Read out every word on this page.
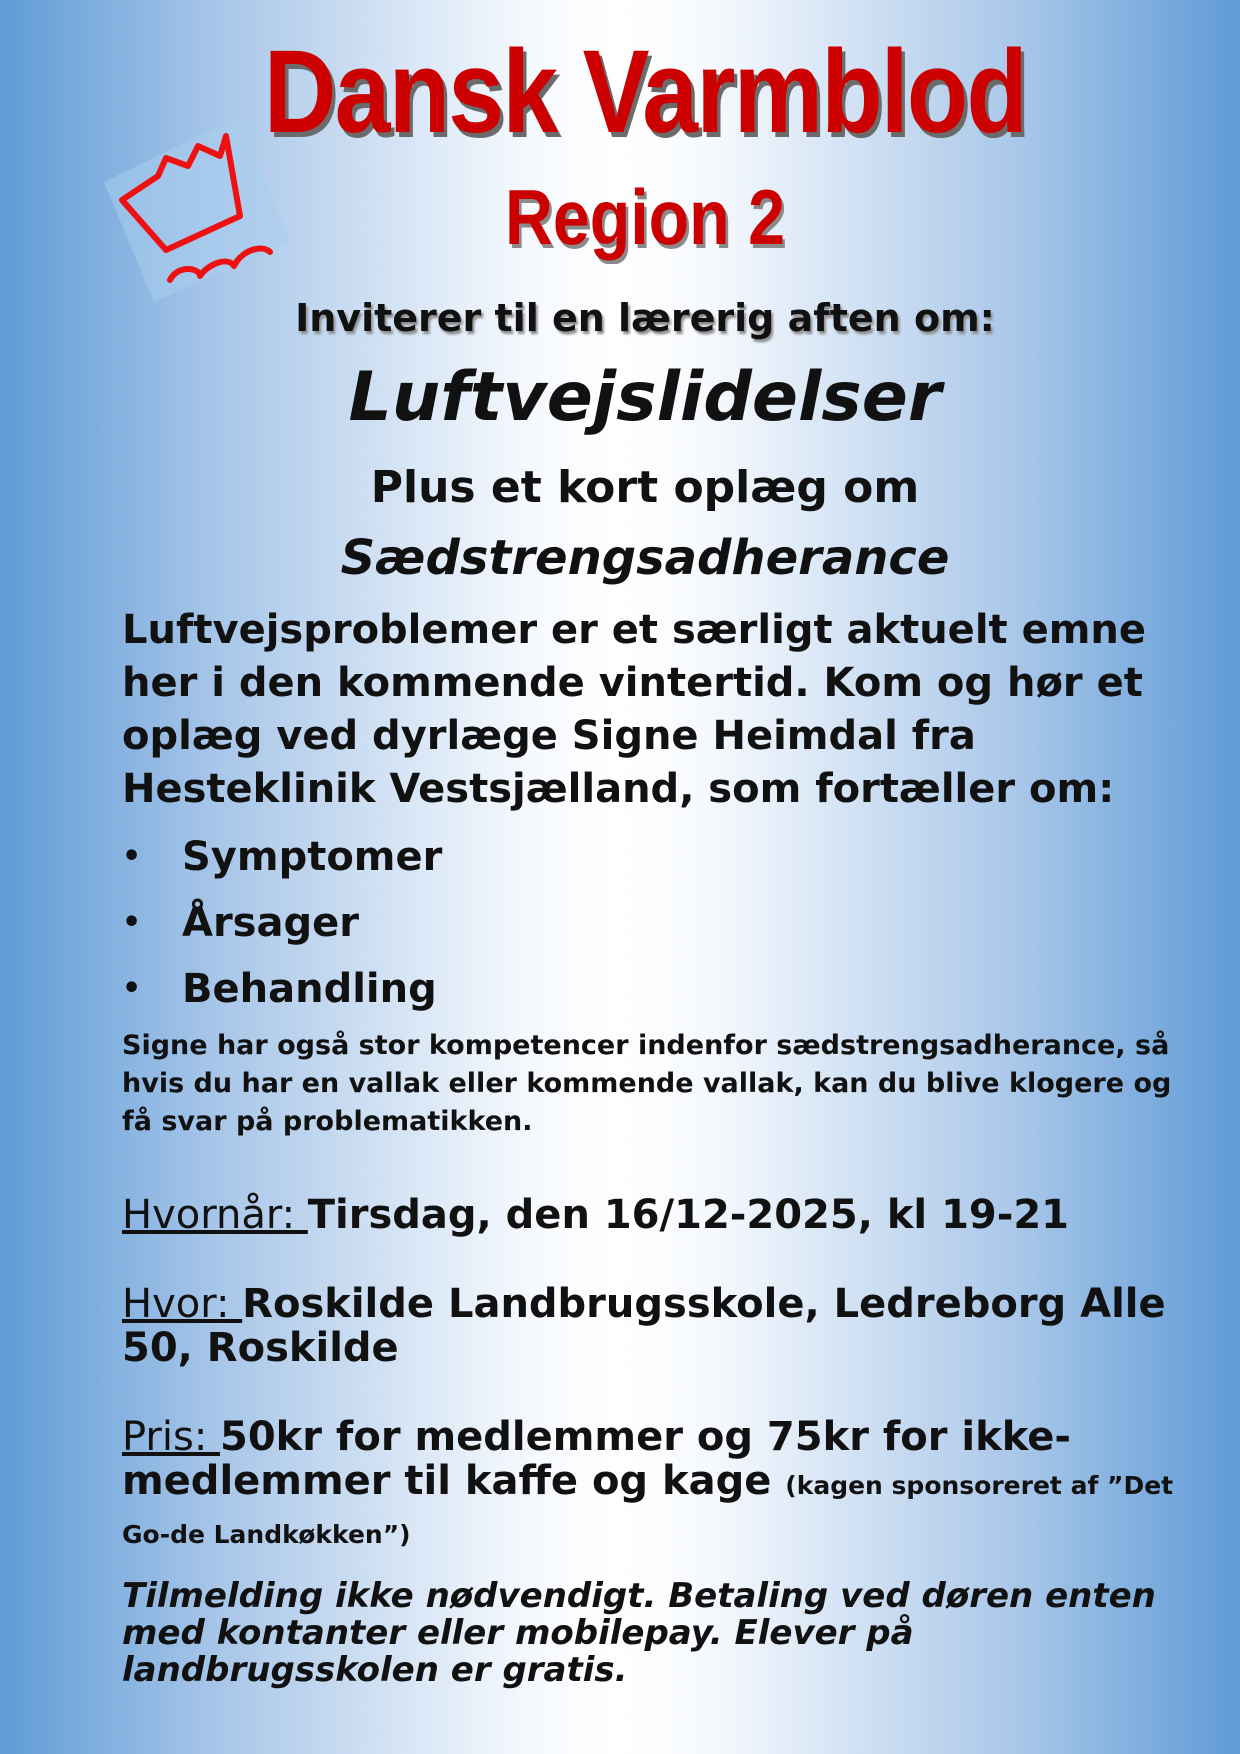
Dansk Varmblod
Region 2
Inviterer til en lærerig aften om:
Luftvejslidelser
Plus et kort oplæg om
Sædstrengsadherance
Luftvejsproblemer er et særligt aktuelt emne her i den kommende vintertid. Kom og hør et oplæg ved dyrlæge Signe Heimdal fra Hesteklinik Vestsjælland, som fortæller om:
• Symptomer
• Årsager
• Behandling
Signe har også stor kompetencer indenfor sædstrengsadherance, så hvis du har en vallak eller kommende vallak, kan du blive klogere og få svar på problematikken.
Hvornår: Tirsdag, den 16/12-2025, kl 19-21
Hvor: Roskilde Landbrugsskole, Ledreborg Alle 50, Roskilde
Pris: 50kr for medlemmer og 75kr for ikke-medlemmer til kaffe og kage (kagen sponsoreret af ”Det Go-de Landkøkken”)
Tilmelding ikke nødvendigt. Betaling ved døren enten med kontanter eller mobilepay. Elever på landbrugsskolen er gratis.
